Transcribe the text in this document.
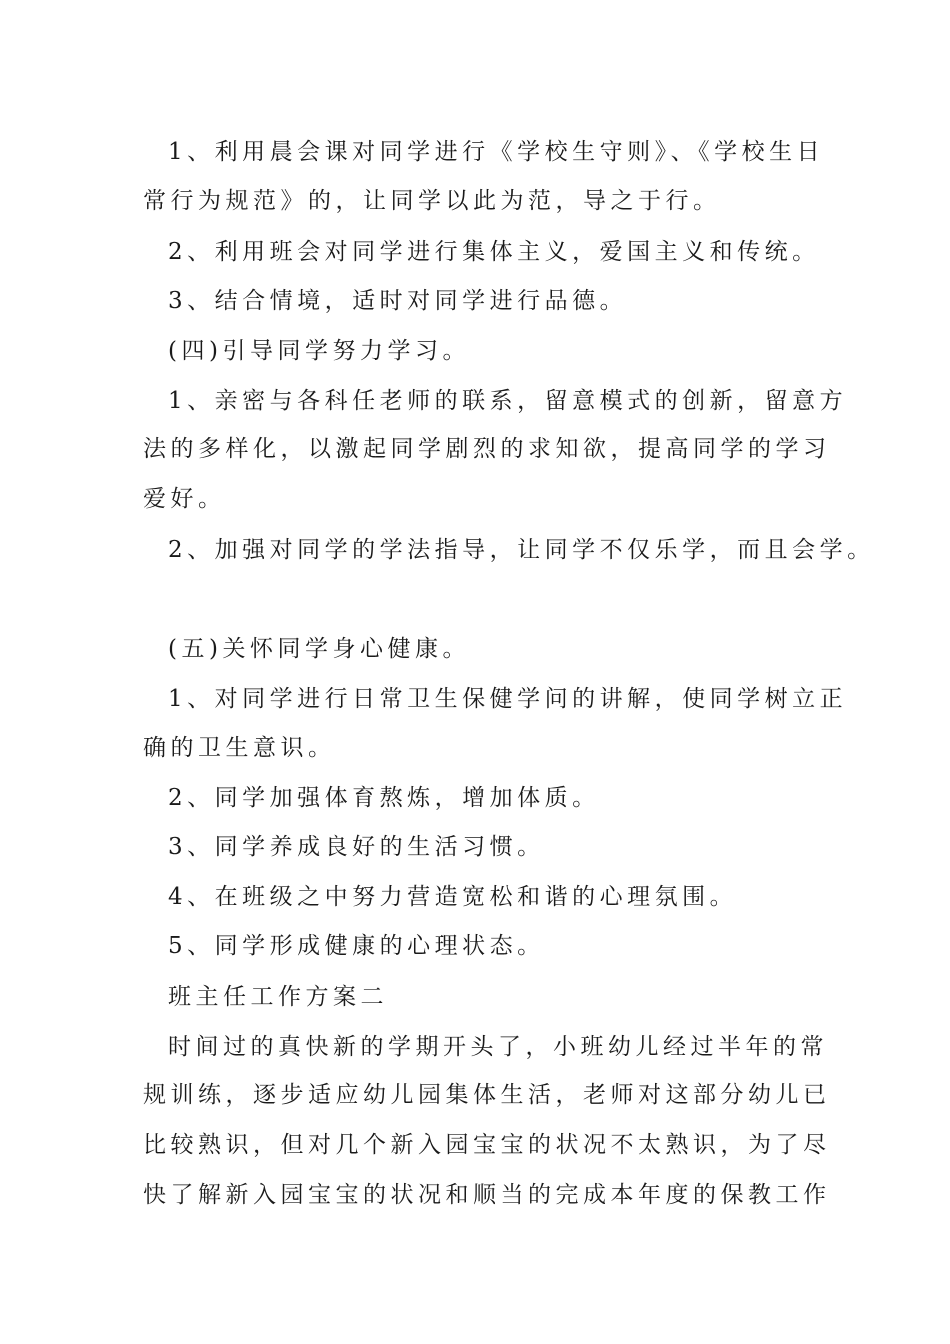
1、利用晨会课对同学进行《学校生守则》、《学校生日
常行为规范》的，让同学以此为范，导之于行。
2、利用班会对同学进行集体主义，爱国主义和传统。
3、结合情境，适时对同学进行品德。
(四)引导同学努力学习。
1、亲密与各科任老师的联系，留意模式的创新，留意方
法的多样化，以激起同学剧烈的求知欲，提高同学的学习
爱好。
2、加强对同学的学法指导，让同学不仅乐学，而且会学。
(五)关怀同学身心健康。
1、对同学进行日常卫生保健学问的讲解，使同学树立正
确的卫生意识。
2、同学加强体育熬炼，增加体质。
3、同学养成良好的生活习惯。
4、在班级之中努力营造宽松和谐的心理氛围。
5、同学形成健康的心理状态。
班主任工作方案二
时间过的真快新的学期开头了，小班幼儿经过半年的常
规训练，逐步适应幼儿园集体生活，老师对这部分幼儿已
比较熟识，但对几个新入园宝宝的状况不太熟识，为了尽
快了解新入园宝宝的状况和顺当的完成本年度的保教工作
